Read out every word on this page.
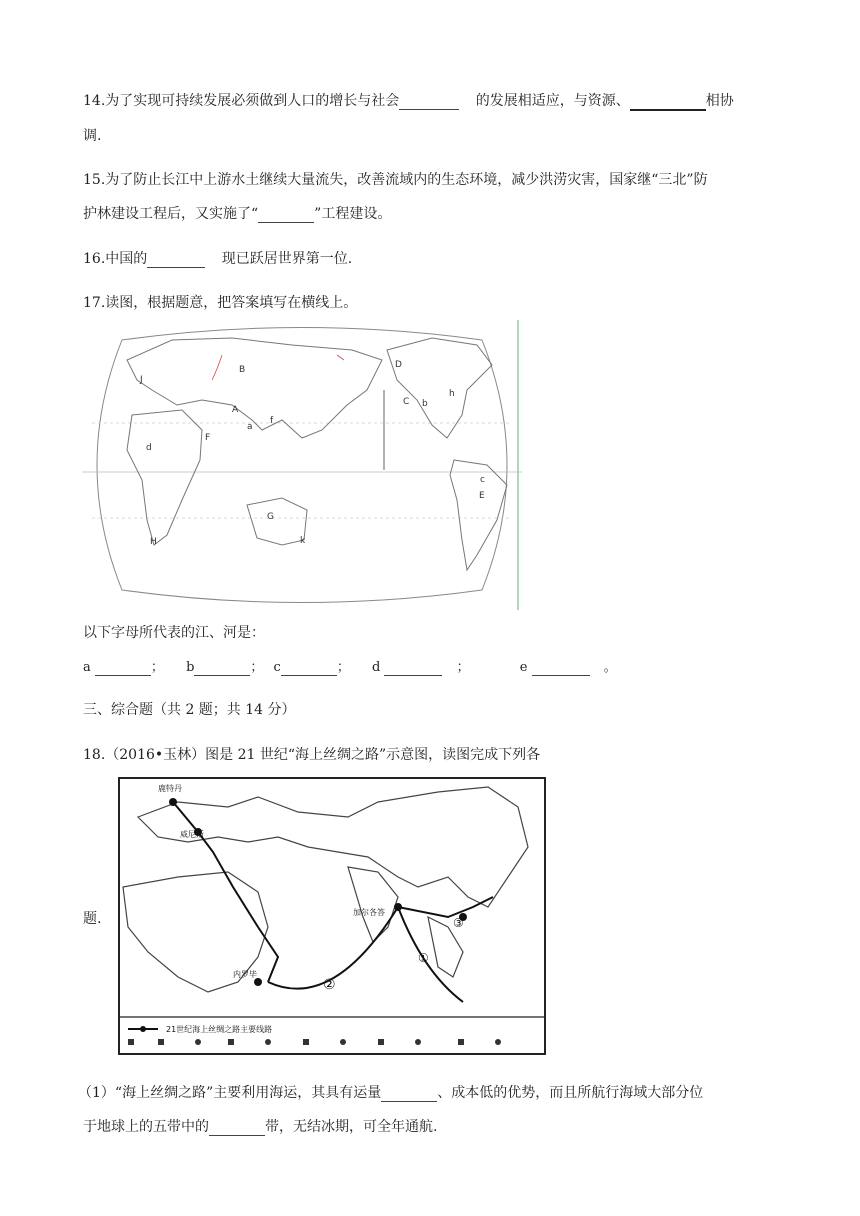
14.为了实现可持续发展必须做到人口的增长与社会	的发展相适应，与资源、	相协
调.
15.为了防止长江中上游水土继续大量流失，改善流域内的生态环境，减少洪涝灾害，国家继“三北”防
护林建设工程后，又实施了“	”工程建设。
16.中国的	现已跃居世界第一位.
17.读图，根据题意，把答案填写在横线上。
B	D
C b
h
J
A
a
f
F
d
c
E
G
H	k
以下字母所代表的江、河是：
a	； b	； c	； d	；	e	。
三、综合题（共 2 题；共 14 分）
18.（2016•玉林）图是 21 世纪“海上丝绸之路”示意图，读图完成下列各
鹿特丹
威尼斯
加尔各答
内罗毕
①
②
③
21世纪海上丝绸之路主要线路
题.
（1）“海上丝绸之路”主要利用海运，其具有运量	、成本低的优势，而且所航行海域大部分位
于地球上的五带中的	带，无结冰期，可全年通航.
